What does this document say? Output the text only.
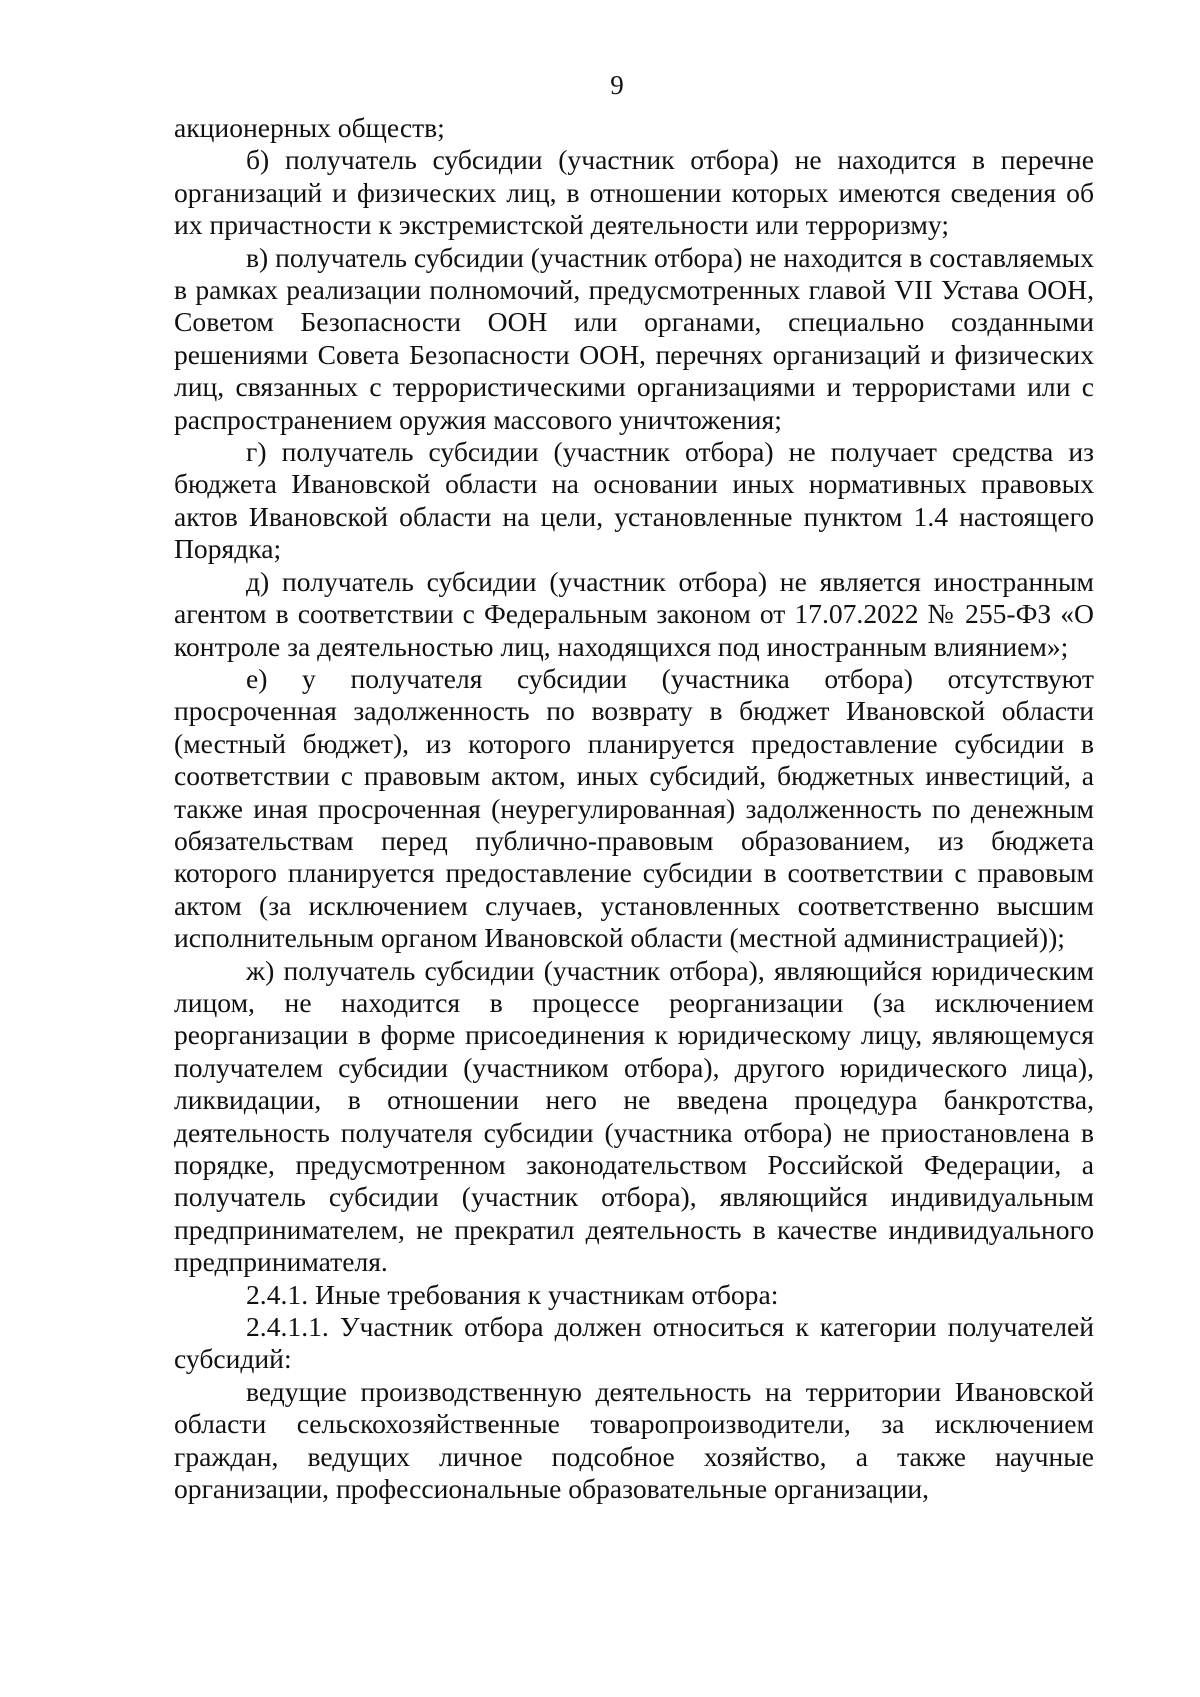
9

акционерных обществ;

б) получатель субсидии (участник отбора) не находится в перечне организаций и физических лиц, в отношении которых имеются сведения об их причастности к экстремистской деятельности или терроризму;

в) получатель субсидии (участник отбора) не находится в составляемых в рамках реализации полномочий, предусмотренных главой VII Устава ООН, Советом Безопасности ООН или органами, специально созданными решениями Совета Безопасности ООН, перечнях организаций и физических лиц, связанных с террористическими организациями и террористами или с распространением оружия массового уничтожения;

г) получатель субсидии (участник отбора) не получает средства из бюджета Ивановской области на основании иных нормативных правовых актов Ивановской области на цели, установленные пунктом 1.4 настоящего Порядка;

д) получатель субсидии (участник отбора) не является иностранным агентом в соответствии с Федеральным законом от 17.07.2022 № 255-ФЗ «О контроле за деятельностью лиц, находящихся под иностранным влиянием»;

е) у получателя субсидии (участника отбора) отсутствуют просроченная задолженность по возврату в бюджет Ивановской области (местный бюджет), из которого планируется предоставление субсидии в соответствии с правовым актом, иных субсидий, бюджетных инвестиций, а также иная просроченная (неурегулированная) задолженность по денежным обязательствам перед публично-правовым образованием, из бюджета которого планируется предоставление субсидии в соответствии с правовым актом (за исключением случаев, установленных соответственно высшим исполнительным органом Ивановской области (местной администрацией));

ж) получатель субсидии (участник отбора), являющийся юридическим лицом, не находится в процессе реорганизации (за исключением реорганизации в форме присоединения к юридическому лицу, являющемуся получателем субсидии (участником отбора), другого юридического лица), ликвидации, в отношении него не введена процедура банкротства, деятельность получателя субсидии (участника отбора) не приостановлена в порядке, предусмотренном законодательством Российской Федерации, а получатель субсидии (участник отбора), являющийся индивидуальным предпринимателем, не прекратил деятельность в качестве индивидуального предпринимателя.

2.4.1. Иные требования к участникам отбора:

2.4.1.1. Участник отбора должен относиться к категории получателей субсидий:

ведущие производственную деятельность на территории Ивановской области сельскохозяйственные товаропроизводители, за исключением граждан, ведущих личное подсобное хозяйство, а также научные организации, профессиональные образовательные организации,
